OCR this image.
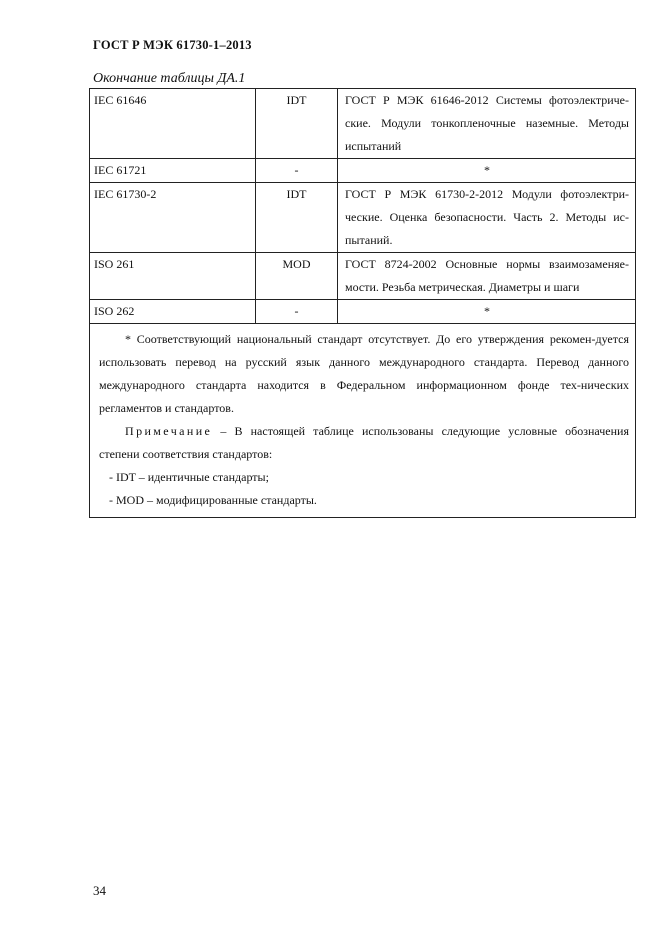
ГОСТ Р МЭК 61730-1–2013
Окончание таблицы ДА.1
IEC 61646	IDT	ГОСТ Р МЭК 61646-2012 Системы фотоэлектриче-ские. Модули тонкопленочные наземные. Методы испытаний
IEC 61721	-	*
IEC 61730-2	IDT	ГОСТ Р МЭК 61730-2-2012 Модули фотоэлектри-ческие. Оценка безопасности. Часть 2. Методы ис-пытаний.
ISO 261	MOD	ГОСТ 8724-2002 Основные нормы взаимозаменяе-мости. Резьба метрическая. Диаметры и шаги
ISO 262	-	*

* Соответствующий национальный стандарт отсутствует. До его утверждения рекомен-дуется использовать перевод на русский язык данного международного стандарта. Перевод данного международного стандарта находится в Федеральном информационном фонде тех-нических регламентов и стандартов.

Примечание – В настоящей таблице использованы следующие условные обозначения степени соответствия стандартов:

- IDT – идентичные стандарты;

- MOD – модифицированные стандарты.		

34
